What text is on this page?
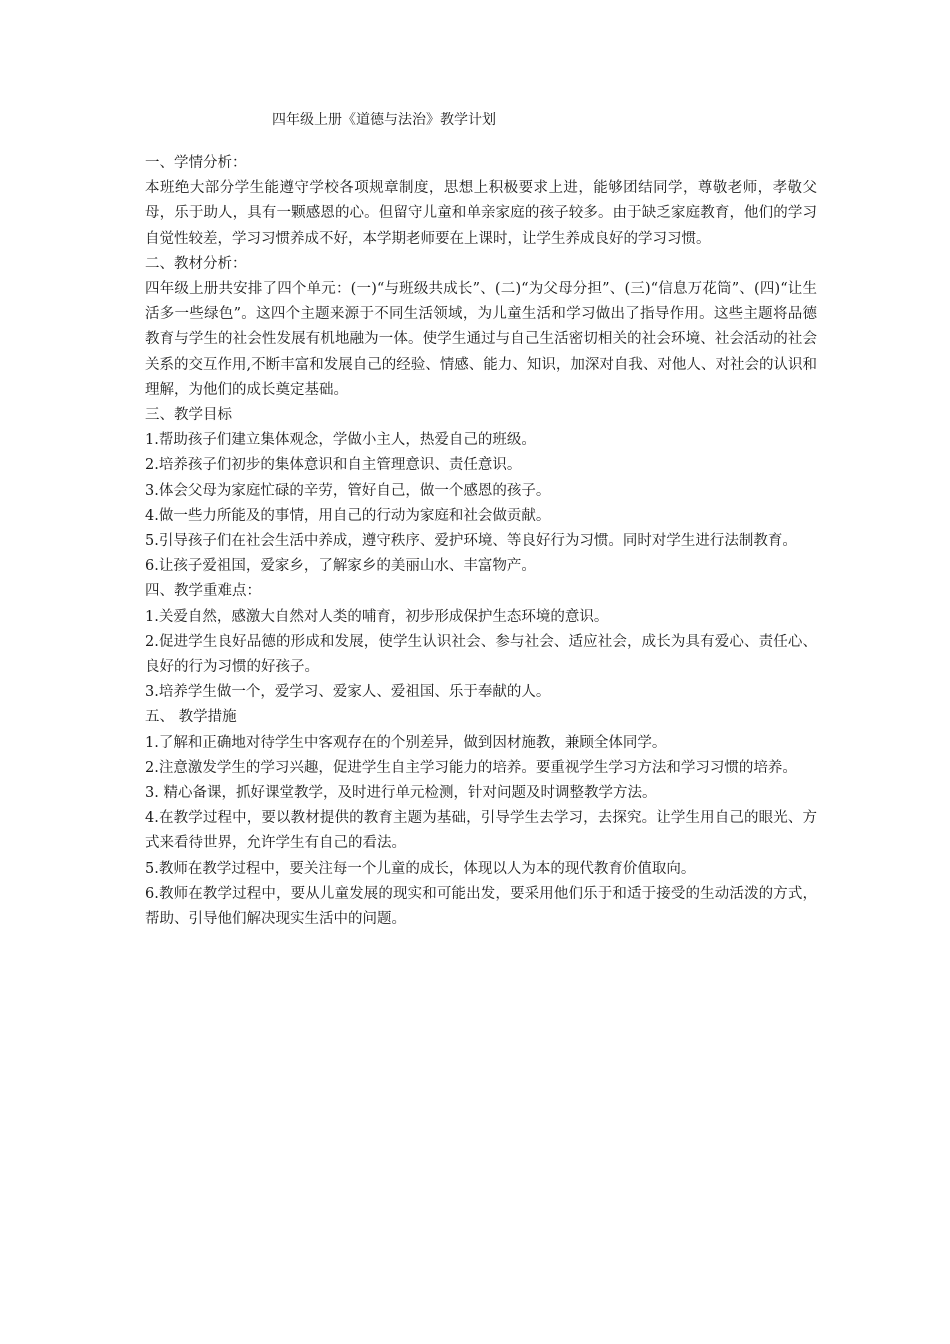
四年级上册《道德与法治》教学计划

一、学情分析：

本班绝大部分学生能遵守学校各项规章制度，思想上积极要求上进，能够团结同学，尊敬老师，孝敬父母，乐于助人，具有一颗感恩的心。但留守儿童和单亲家庭的孩子较多。由于缺乏家庭教育，他们的学习自觉性较差，学习习惯养成不好，本学期老师要在上课时，让学生养成良好的学习习惯。

二、教材分析：

四年级上册共安排了四个单元：(一)“与班级共成长”、(二)“为父母分担”、(三)“信息万花筒”、(四)“让生活多一些绿色”。这四个主题来源于不同生活领域，为儿童生活和学习做出了指导作用。这些主题将品德教育与学生的社会性发展有机地融为一体。使学生通过与自己生活密切相关的社会环境、社会活动的社会关系的交互作用,不断丰富和发展自己的经验、情感、能力、知识，加深对自我、对他人、对社会的认识和理解，为他们的成长奠定基础。

三、教学目标

1.帮助孩子们建立集体观念，学做小主人，热爱自己的班级。

2.培养孩子们初步的集体意识和自主管理意识、责任意识。

3.体会父母为家庭忙碌的辛劳，管好自己，做一个感恩的孩子。

4.做一些力所能及的事情，用自己的行动为家庭和社会做贡献。

5.引导孩子们在社会生活中养成，遵守秩序、爱护环境、等良好行为习惯。同时对学生进行法制教育。

6.让孩子爱祖国，爱家乡，了解家乡的美丽山水、丰富物产。

四、教学重难点：

1.关爱自然，感激大自然对人类的哺育，初步形成保护生态环境的意识。

2.促进学生良好品德的形成和发展，使学生认识社会、参与社会、适应社会，成长为具有爱心、责任心、良好的行为习惯的好孩子。

3.培养学生做一个，爱学习、爱家人、爱祖国、乐于奉献的人。

五、 教学措施

1.了解和正确地对待学生中客观存在的个别差异，做到因材施教，兼顾全体同学。

2.注意激发学生的学习兴趣，促进学生自主学习能力的培养。要重视学生学习方法和学习习惯的培养。

3. 精心备课，抓好课堂教学，及时进行单元检测，针对问题及时调整教学方法。

4.在教学过程中，要以教材提供的教育主题为基础，引导学生去学习，去探究。让学生用自己的眼光、方式来看待世界，允许学生有自己的看法。

5.教师在教学过程中，要关注每一个儿童的成长，体现以人为本的现代教育价值取向。

6.教师在教学过程中，要从儿童发展的现实和可能出发，要采用他们乐于和适于接受的生动活泼的方式，帮助、引导他们解决现实生活中的问题。
